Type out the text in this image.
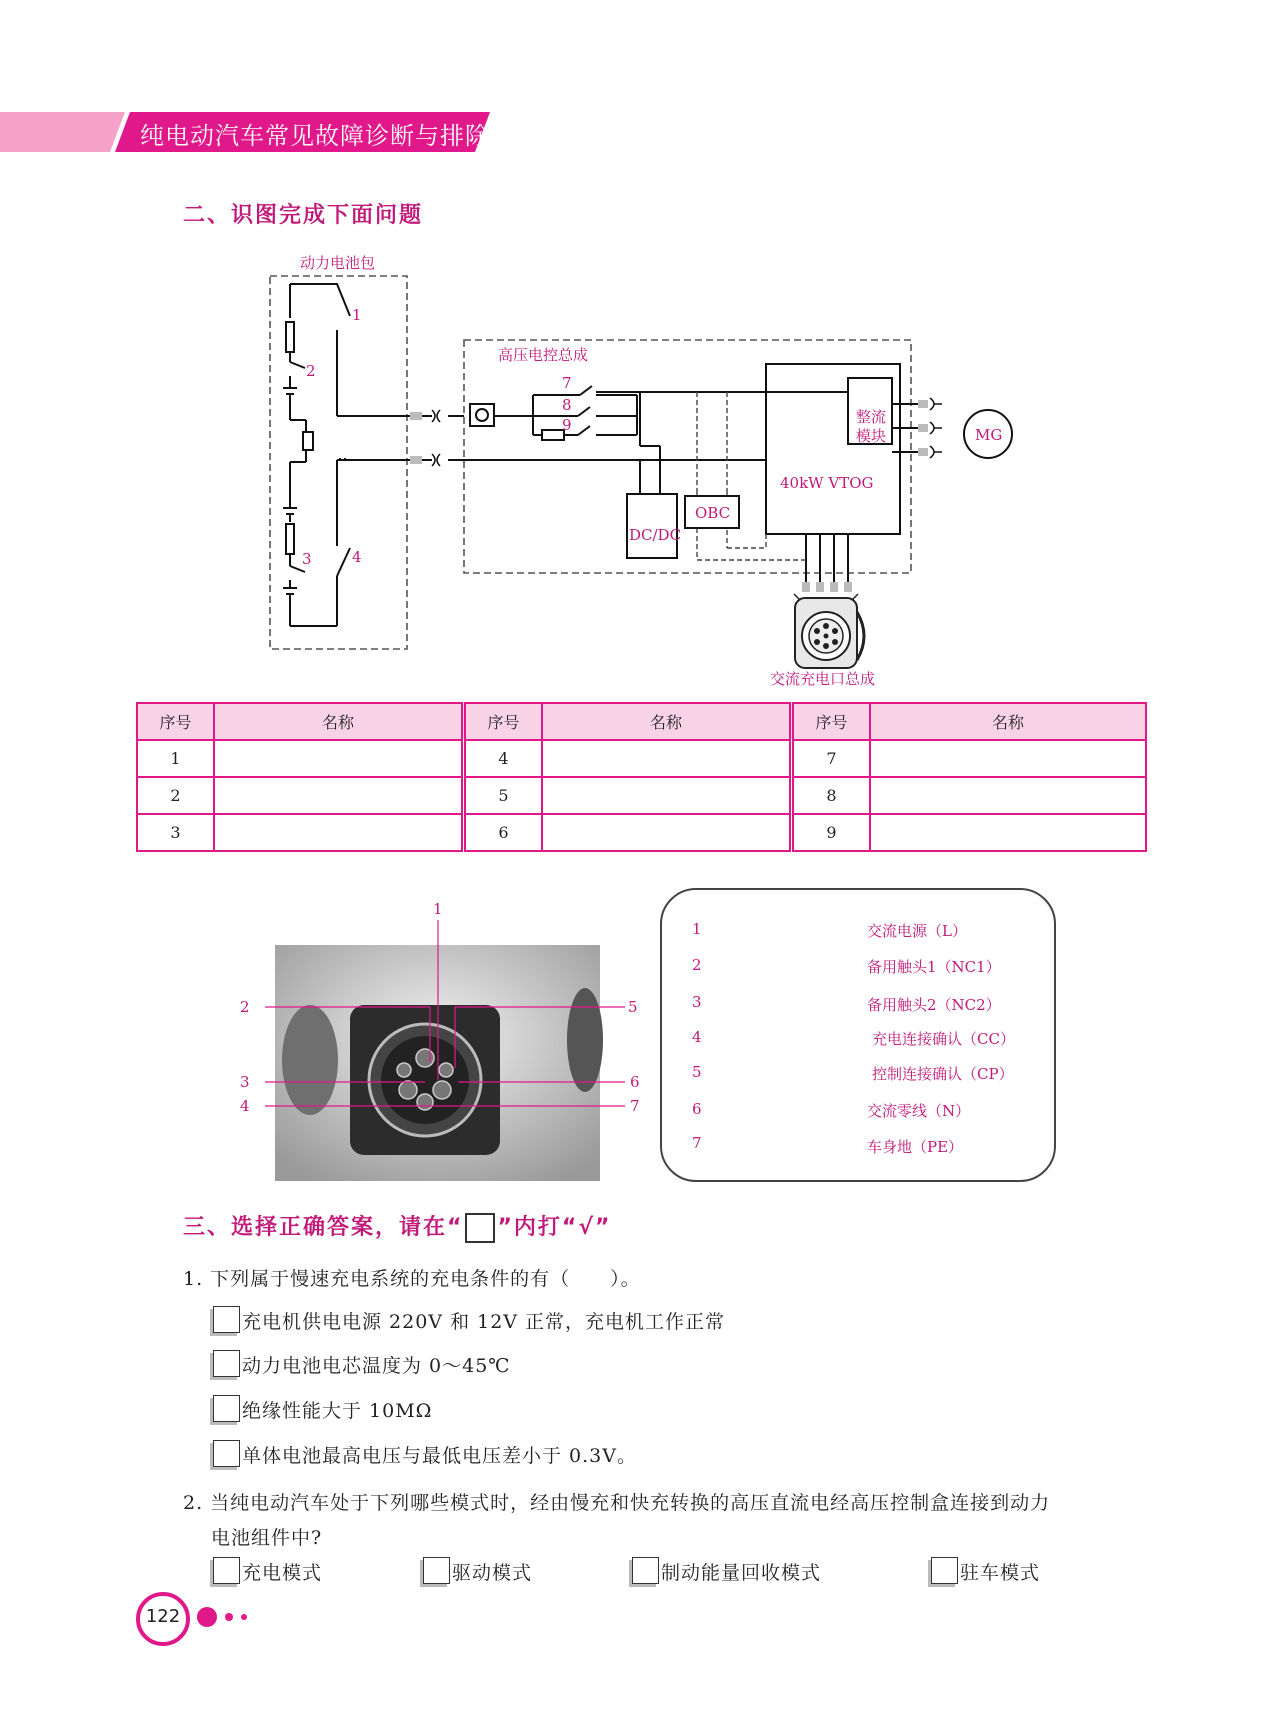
纯电动汽车常见故障诊断与排除
二、识图完成下面问题
动力电池包
高压电控总成
1
2
3	4
7
8
9	整流
模块	MG
40kW VTOG
DC/DC
OBC
交流充电口总成
序号	名称	序号	名称	序号	名称
1		4		7	
2		5		8	
3		6		9	
1
2
3
4
5
6
7
1	交流电源（L）
2	备用触头1（NC1）
3	备用触头2（NC2）
4	充电连接确认（CC）
5	控制连接确认（CP）
6	交流零线（N）
7	车身地（PE）
三、选择正确答案，请在“ ”内打“√”
1. 下列属于慢速充电系统的充电条件的有（　　）。
充电机供电电源 220V 和 12V 正常，充电机工作正常
动力电池电芯温度为 0～45℃
绝缘性能大于 10MΩ
单体电池最高电压与最低电压差小于 0.3V。
2. 当纯电动汽车处于下列哪些模式时，经由慢充和快充转换的高压直流电经高压控制盒连接到动力
电池组件中?
充电模式	驱动模式	制动能量回收模式	驻车模式
122
